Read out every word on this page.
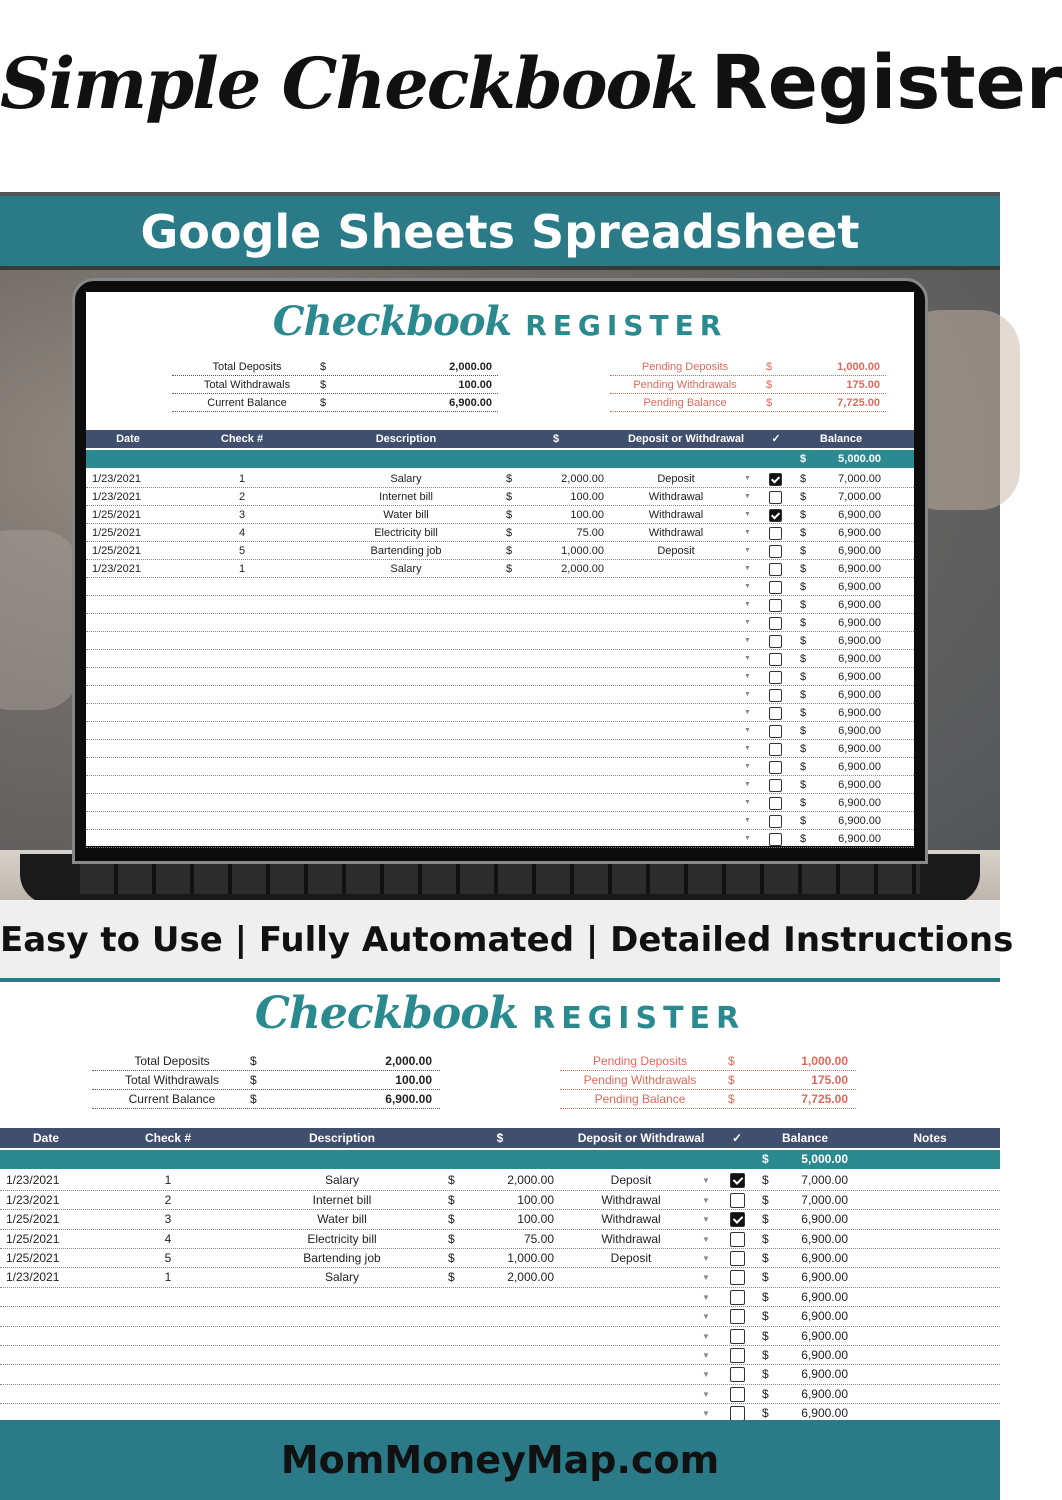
Simple Checkbook Register
Google Sheets Spreadsheet
Checkbook REGISTER
Total Deposits	$	2,000.00
Total Withdrawals	$	100.00
Current Balance	$	6,900.00
Pending Deposits	$	1,000.00
Pending Withdrawals	$	175.00
Pending Balance	$	7,725.00
Date	Check #	Description	$	Deposit or Withdrawal	✓	Balance
$	5,000.00
1/23/2021	1	Salary	$	2,000.00	Deposit	▼	$	7,000.00
1/23/2021	2	Internet bill	$	100.00	Withdrawal	▼	$	7,000.00
1/25/2021	3	Water bill	$	100.00	Withdrawal	▼	$	6,900.00
1/25/2021	4	Electricity bill	$	75.00	Withdrawal	▼	$	6,900.00
1/25/2021	5	Bartending job	$	1,000.00	Deposit	▼	$	6,900.00
1/23/2021	1	Salary	$	2,000.00	▼	$	6,900.00
▼	$	6,900.00
▼	$	6,900.00
▼	$	6,900.00
▼	$	6,900.00
▼	$	6,900.00
▼	$	6,900.00
▼	$	6,900.00
▼	$	6,900.00
▼	$	6,900.00
▼	$	6,900.00
▼	$	6,900.00
▼	$	6,900.00
▼	$	6,900.00
▼	$	6,900.00
▼	$	6,900.00
Easy to Use | Fully Automated | Detailed Instructions
Checkbook REGISTER
Total Deposits	$	2,000.00
Total Withdrawals	$	100.00
Current Balance	$	6,900.00
Pending Deposits	$	1,000.00
Pending Withdrawals	$	175.00
Pending Balance	$	7,725.00
Date	Check #	Description	$	Deposit or Withdrawal	✓	Balance	Notes
$	5,000.00
1/23/2021	1	Salary	$	2,000.00	Deposit	▼	$	7,000.00
1/23/2021	2	Internet bill	$	100.00	Withdrawal	▼	$	7,000.00
1/25/2021	3	Water bill	$	100.00	Withdrawal	▼	$	6,900.00
1/25/2021	4	Electricity bill	$	75.00	Withdrawal	▼	$	6,900.00
1/25/2021	5	Bartending job	$	1,000.00	Deposit	▼	$	6,900.00
1/23/2021	1	Salary	$	2,000.00	▼	$	6,900.00
▼	$	6,900.00
▼	$	6,900.00
▼	$	6,900.00
▼	$	6,900.00
▼	$	6,900.00
▼	$	6,900.00
▼	$	6,900.00
MomMoneyMap.com
